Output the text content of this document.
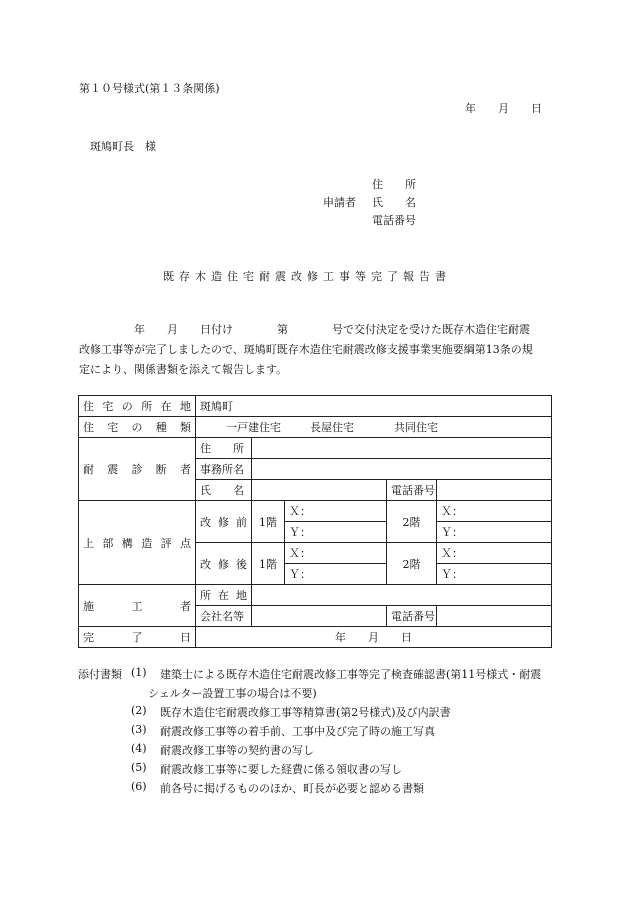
第１０号様式(第１３条関係)
年　　月　　日
斑鳩町長　様
住　　所
申請者 氏　　名
電話番号
既存木造住宅耐震改修工事等完了報告書
年　　月　　日付け　　　　第　　　　号で交付決定を受けた既存木造住宅耐震
改修工事等が完了しましたので、斑鳩町既存木造住宅耐震改修支援事業実施要綱第13条の規
定により、関係書類を添えて報告します。
住宅の所在地	斑鳩町				
住宅の種類	一戸建住宅 長屋住宅 共同住宅				
耐震診断者	住　　所				
	事務所名				
	氏　　名			電話番号	
上部構造評点	改修前	1階	Ｘ：	2階	Ｘ：
			Ｙ：		Ｙ：
	改修後	1階	Ｘ：	2階	Ｘ：
			Ｙ：		Ｙ：
施工者	所在地				
	会社名等			電話番号	
完了日	年　　月　　日				
添付書類 (1) 建築士による既存木造住宅耐震改修工事等完了検査確認書(第11号様式・耐震
シェルター設置工事の場合は不要)
(2) 既存木造住宅耐震改修工事等精算書(第2号様式)及び内訳書
(3) 耐震改修工事等の着手前、工事中及び完了時の施工写真
(4) 耐震改修工事等の契約書の写し
(5) 耐震改修工事等に要した経費に係る領収書の写し
(6) 前各号に掲げるもののほか、町長が必要と認める書類
